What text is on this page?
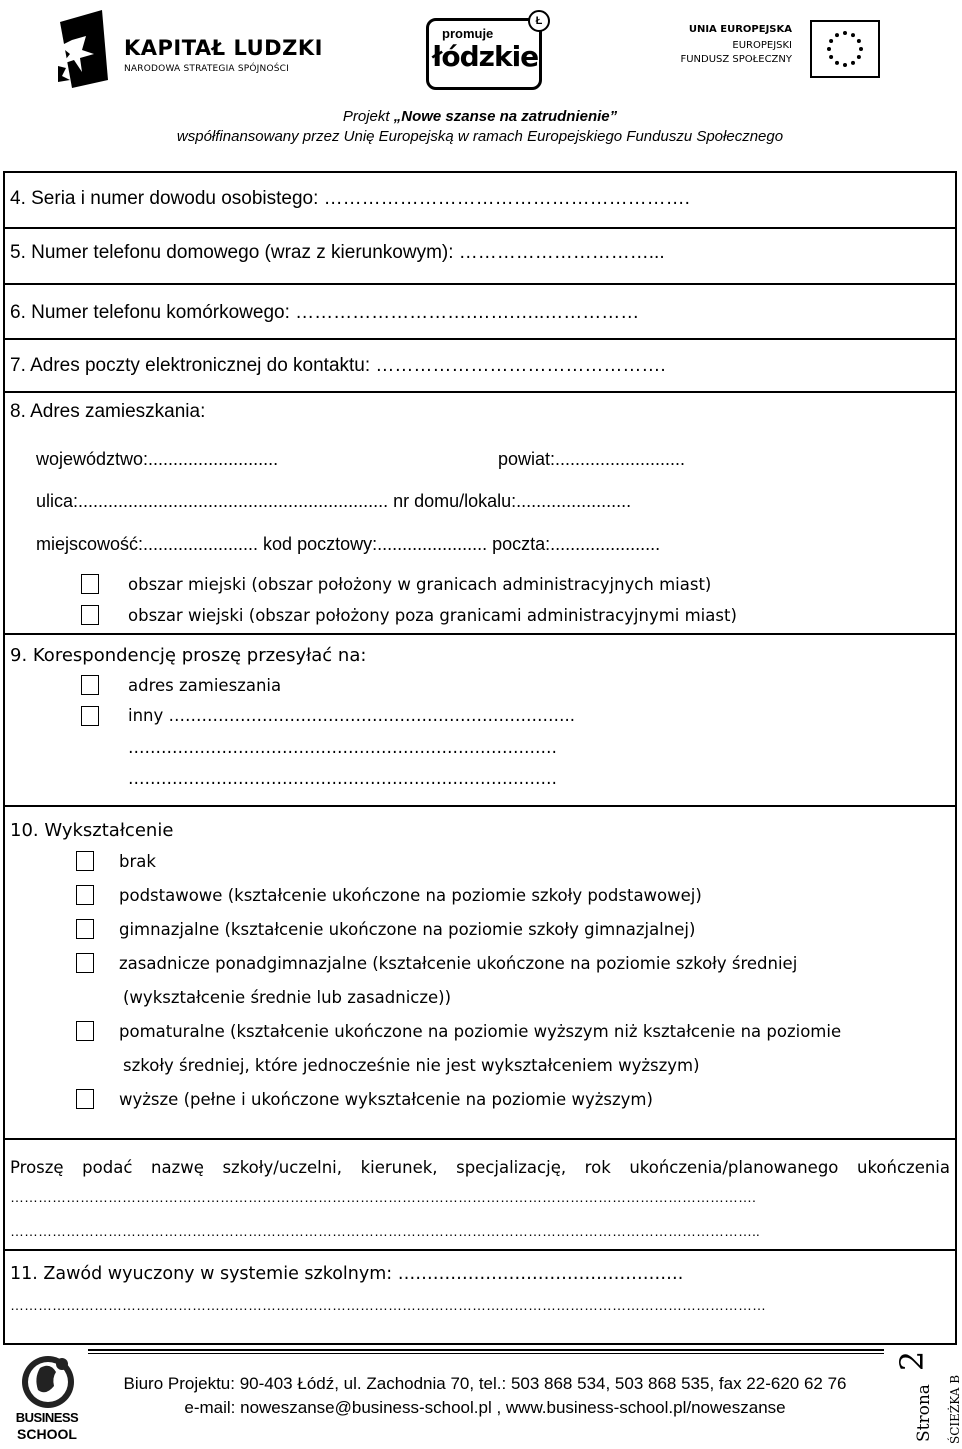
KAPITAŁ LUDZKI
NARODOWA STRATEGIA SPÓJNOŚCI
promuje
łódzkie
Ł
UNIA EUROPEJSKA
EUROPEJSKI
FUNDUSZ SPOŁECZNY
Projekt „Nowe szanse na zatrudnienie”
współfinansowany przez Unię Europejską w ramach Europejskiego Funduszu Społecznego
4. Seria i numer dowodu osobistego: ………………………………………………….
5. Numer telefonu domowego (wraz z kierunkowym): …………………………...
6. Numer telefonu komórkowego: ……………………….…….…..……………
7. Adres poczty elektronicznej do kontaktu: ……………………………………….
8. Adres zamieszkania:
województwo:..........................	powiat:..........................
ulica:.............................................................. nr domu/lokalu:.......................
miejscowość:....................... kod pocztowy:...................... poczta:......................
obszar miejski (obszar położony w granicach administracyjnych miast)
obszar wiejski (obszar położony poza granicami administracyjnymi miast)
9. Korespondencję proszę przesyłać na:
adres zamieszania
inny ………………………………………………………………..
……………………………………………………………………
……………………………………………………………………
10. Wykształcenie
brak
podstawowe (kształcenie ukończone na poziomie szkoły podstawowej)
gimnazjalne (kształcenie ukończone na poziomie szkoły gimnazjalnej)
zasadnicze ponadgimnazjalne (kształcenie ukończone na poziomie szkoły średniej
(wykształcenie średnie lub zasadnicze))
pomaturalne (kształcenie ukończone na poziomie wyższym niż kształcenie na poziomie
szkoły średniej, które jednocześnie nie jest wykształceniem wyższym)
wyższe (pełne i ukończone wykształcenie na poziomie wyższym)
Proszę podać nazwę szkoły/uczelni, kierunek, specjalizację, rok ukończenia/planowanego ukończenia
…………………………………………………………………………………………………………………………………………….
……………………………………………………………………………………………………………………………………………..
11. Zawód wyuczony w systemie szkolnym: ………………………………………….
………………………………………………………………………………………………………………………………………………
BUSINESS
SCHOOL
Biuro Projektu: 90-403 Łódź, ul. Zachodnia 70, tel.: 503 868 534, 503 868 535, fax 22-620 62 76
e-mail: noweszanse@business-school.pl , www.business-school.pl/noweszanse	Strona
2
ŚCIEŻKA B
